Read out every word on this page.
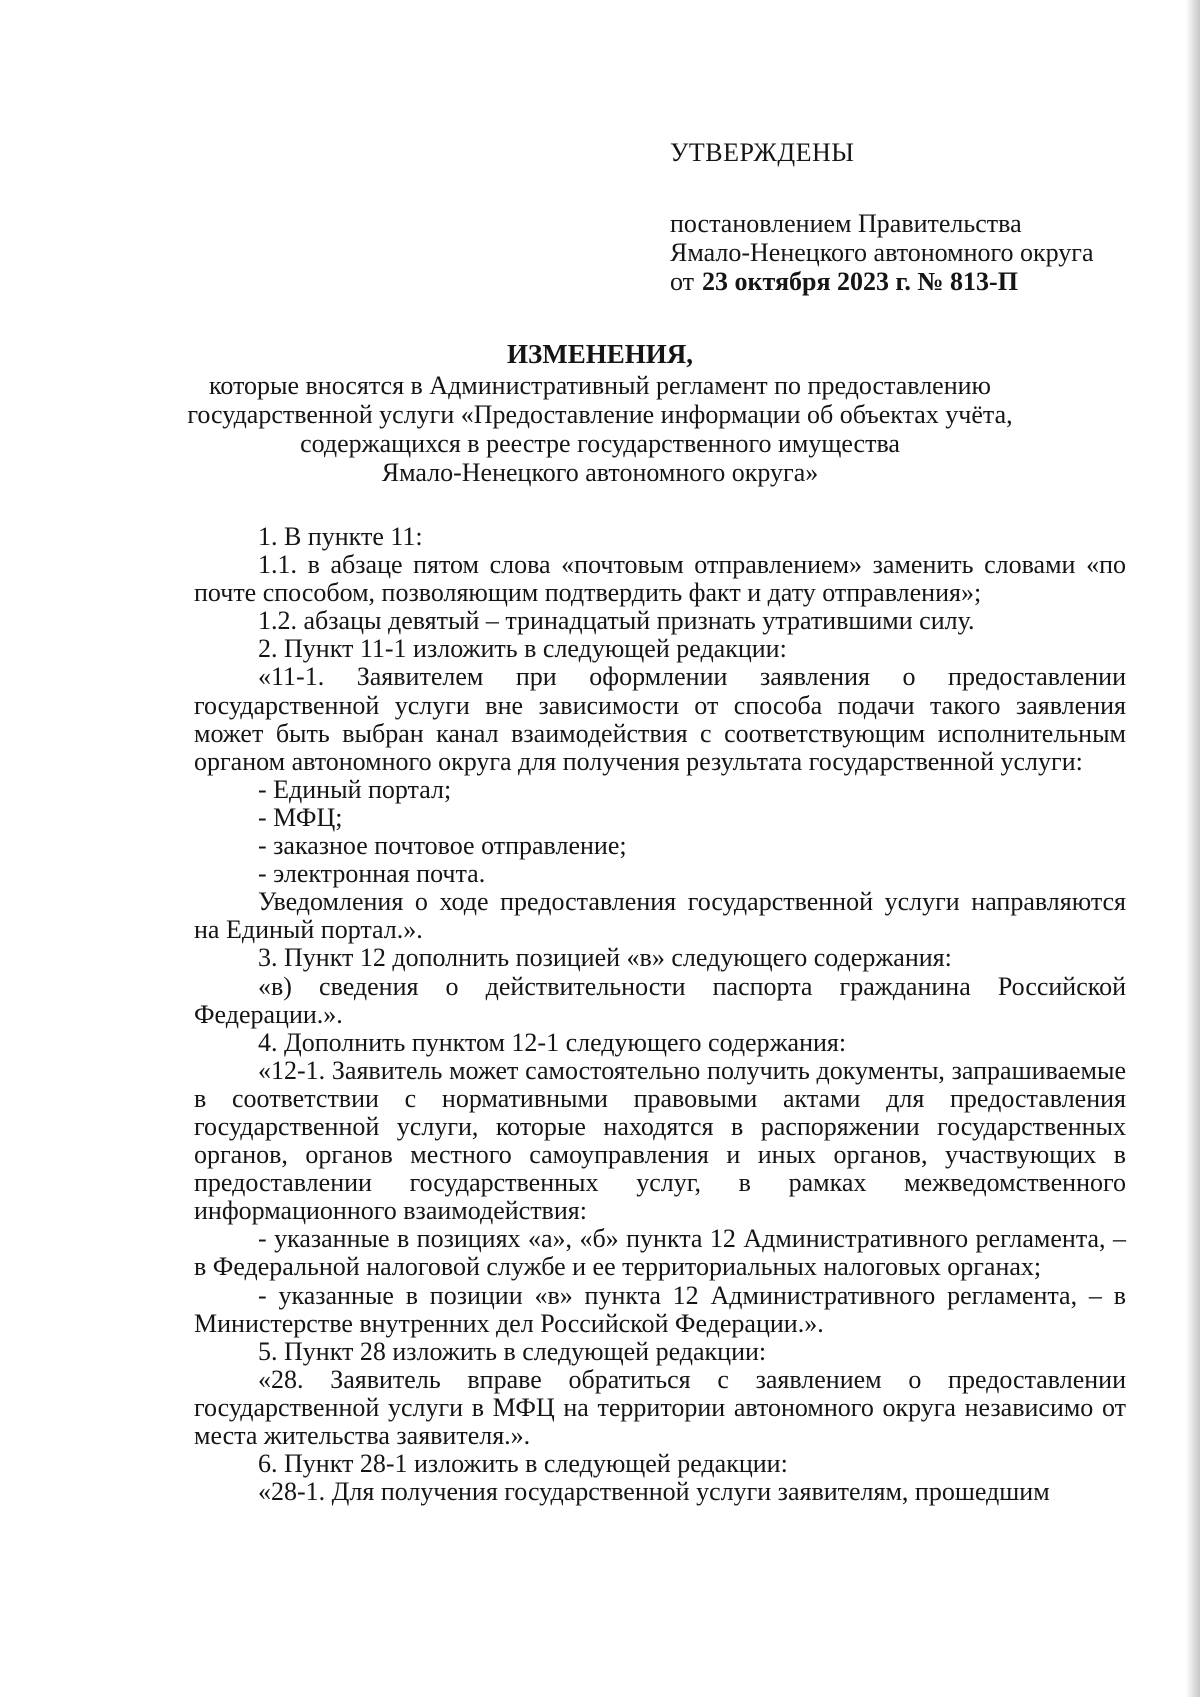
УТВЕРЖДЕНЫ
постановлением Правительства
Ямало-Ненецкого автономного округа
от 23 октября 2023 г. № 813-П
ИЗМЕНЕНИЯ,
которые вносятся в Административный регламент по предоставлению
государственной услуги «Предоставление информации об объектах учёта,
содержащихся в реестре государственного имущества
Ямало-Ненецкого автономного округа»

1. В пункте 11:

1.1. в абзаце пятом слова «почтовым отправлением» заменить словами «по почте способом, позволяющим подтвердить факт и дату отправления»;

1.2. абзацы девятый – тринадцатый признать утратившими силу.

2. Пункт 11-1 изложить в следующей редакции:

«11-1. Заявителем при оформлении заявления о предоставлении государственной услуги вне зависимости от способа подачи такого заявления может быть выбран канал взаимодействия с соответствующим исполнительным органом автономного округа для получения результата государственной услуги:

- Единый портал;

- МФЦ;

- заказное почтовое отправление;

- электронная почта.

Уведомления о ходе предоставления государственной услуги направляются на Единый портал.».

3. Пункт 12 дополнить позицией «в» следующего содержания:

«в) сведения о действительности паспорта гражданина Российской Федерации.».

4. Дополнить пунктом 12-1 следующего содержания:

«12-1. Заявитель может самостоятельно получить документы, запрашиваемые в соответствии с нормативными правовыми актами для предоставления государственной услуги, которые находятся в распоряжении государственных органов, органов местного самоуправления и иных органов, участвующих в предоставлении государственных услуг, в рамках межведомственного информационного взаимодействия:

- указанные в позициях «а», «б» пункта 12 Административного регламента, – в Федеральной налоговой службе и ее территориальных налоговых органах;

- указанные в позиции «в» пункта 12 Административного регламента, – в Министерстве внутренних дел Российской Федерации.».

5. Пункт 28 изложить в следующей редакции:

«28. Заявитель вправе обратиться с заявлением о предоставлении государственной услуги в МФЦ на территории автономного округа независимо от места жительства заявителя.».

6. Пункт 28-1 изложить в следующей редакции:

«28-1. Для получения государственной услуги заявителям, прошедшим
